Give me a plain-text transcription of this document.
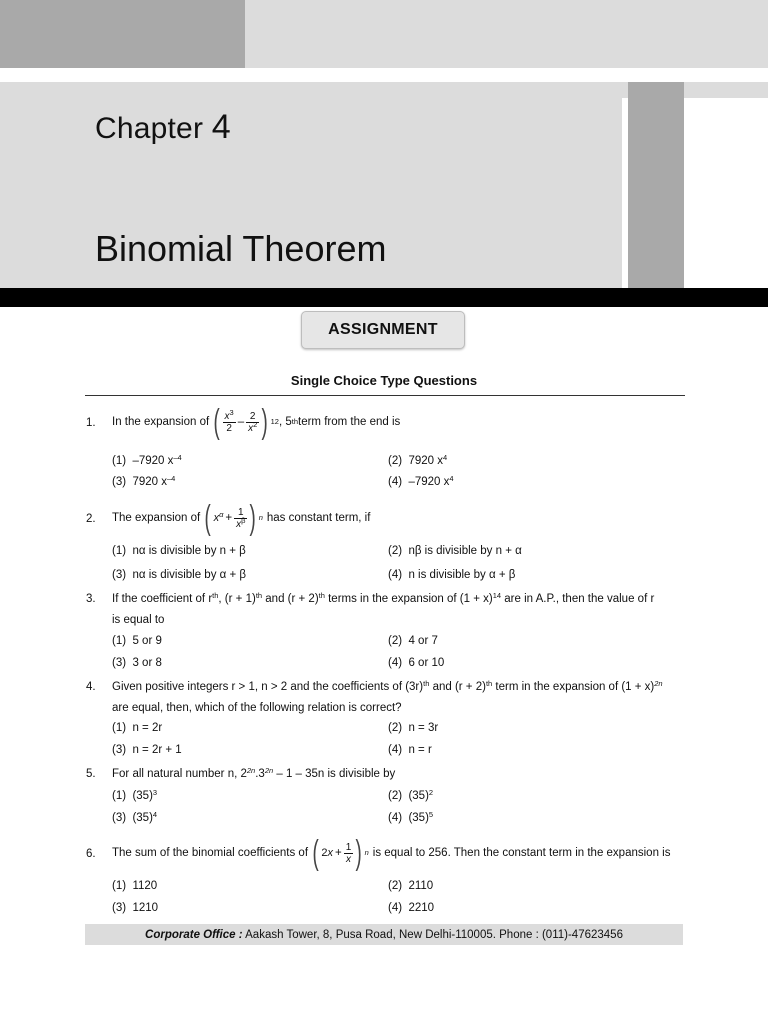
Chapter 4
Binomial Theorem
ASSIGNMENT
Single Choice Type Questions
1. In the expansion of ( $\frac{x^3}{2} - \frac{2}{x^2}$ ) 12 , 5 th term from the end is
(1) –7920 $x^{-4}$	(2) 7920 $x^4$
(3) 7920 $x^{-4}$	(4) –7920 $x^4$
2. The expansion of ( $x^\alpha + \frac{1}{x^\beta}$ ) n has constant term, if
(1) nα is divisible by n + β	(2) nβ is divisible by n + α
(3) nα is divisible by α + β	(4) n is divisible by α + β
3. If the coefficient of $r^{th}$, $(r + 1)^{th}$ and $(r + 2)^{th}$ terms in the expansion of $(1 + x)^{14}$ are in A.P., then the value of r
is equal to
(1) 5 or 9	(2) 4 or 7
(3) 3 or 8	(4) 6 or 10
4. Given positive integers r > 1, n > 2 and the coefficients of $(3r)^{th}$ and $(r + 2)^{th}$ term in the expansion of $(1 + x)^{2n}$
are equal, then, which of the following relation is correct?
(1) n = 2r	(2) n = 3r
(3) n = 2r + 1	(4) n = r
5. For all natural number n, $2^{2n}.3^{2n} - 1 - 35n$ is divisible by
(1) $(35)^3$	(2) $(35)^2$
(3) $(35)^4$	(4) $(35)^5$
6. The sum of the binomial coefficients of ( $2x + \frac{1}{x}$ ) n is equal to 256. Then the constant term in the expansion is
(1) 1120	(2) 2110
(3) 1210	(4) 2210
Corporate Office : Aakash Tower, 8, Pusa Road, New Delhi-110005. Phone : (011)-47623456
